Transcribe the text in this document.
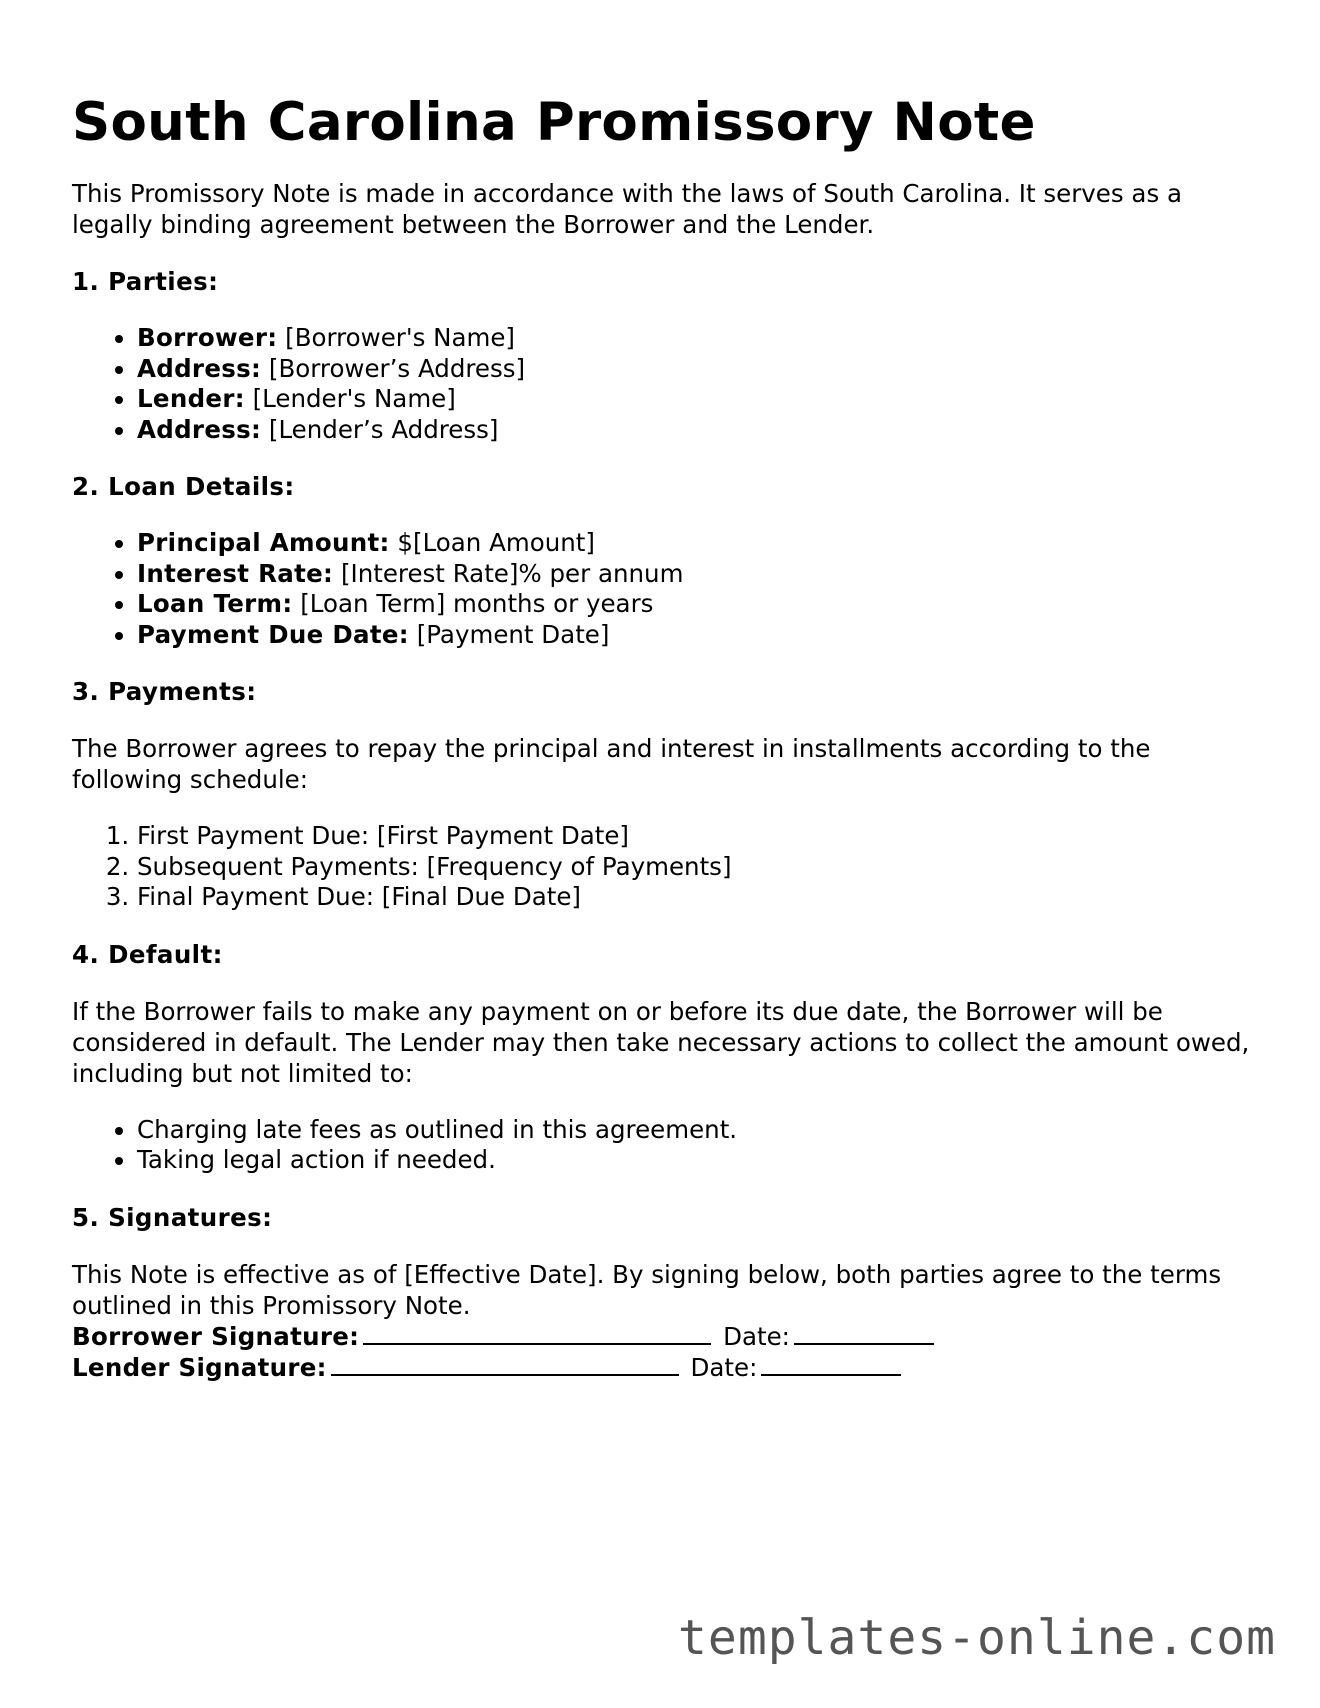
South Carolina Promissory Note

This Promissory Note is made in accordance with the laws of South Carolina. It serves as a legally binding agreement between the Borrower and the Lender.

1. Parties:
• Borrower: [Borrower's Name]
• Address: [Borrower’s Address]
• Lender: [Lender's Name]
• Address: [Lender’s Address]
2. Loan Details:
• Principal Amount: $[Loan Amount]
• Interest Rate: [Interest Rate]% per annum
• Loan Term: [Loan Term] months or years
• Payment Due Date: [Payment Date]
3. Payments:

The Borrower agrees to repay the principal and interest in installments according to the following schedule:

1. First Payment Due: [First Payment Date]
2. Subsequent Payments: [Frequency of Payments]
3. Final Payment Due: [Final Due Date]
4. Default:

If the Borrower fails to make any payment on or before its due date, the Borrower will be considered in default. The Lender may then take necessary actions to collect the amount owed, including but not limited to:

• Charging late fees as outlined in this agreement.
• Taking legal action if needed.
5. Signatures:

This Note is effective as of [Effective Date]. By signing below, both parties agree to the terms outlined in this Promissory Note.

Borrower Signature:	Date:
Lender Signature:	Date:
templates-online.com
